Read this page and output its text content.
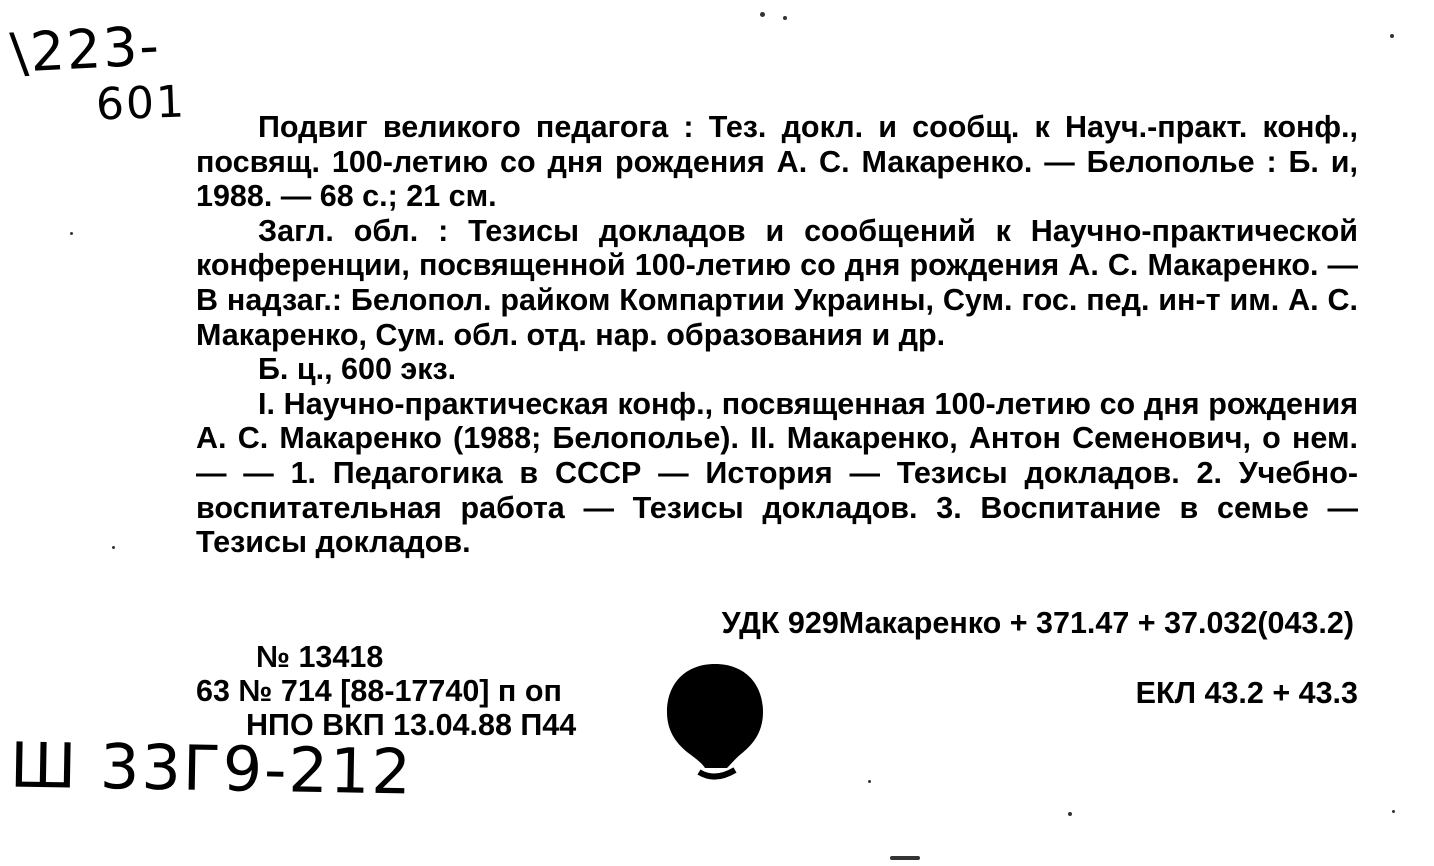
\223-
601	Подвиг великого педагога : Тез. докл. и сообщ. к Науч.-практ. конф., посвящ. 100-летию со дня рождения А. С. Макаренко. — Белополье : Б. и, 1988. — 68 с.; 21 см.

Загл. обл. : Тезисы докладов и сообщений к Научно-практической конференции, посвященной 100-летию со дня рождения А. С. Макаренко. — В надзаг.: Белопол. райком Компартии Украины, Сум. гос. пед. ин-т им. А. С. Макаренко, Сум. обл. отд. нар. образования и др.

Б. ц., 600 экз.

I. Научно-практическая конф., посвященная 100-летию со дня рождения А. С. Макаренко (1988; Белополье). II. Макаренко, Антон Семенович, о нем. — — 1. Педагогика в СССР — История — Тезисы докладов. 2. Учебно-воспитательная работа — Тезисы докладов. 3. Воспитание в семье — Тезисы докладов.

УДК 929Макаренко + 371.47 + 37.032(043.2)
№ 13418
63 № 714 [88-17740] п оп
НПО ВКП 13.04.88 П44
ЕКЛ 43.2 + 43.3
Ш 33Г9-212
